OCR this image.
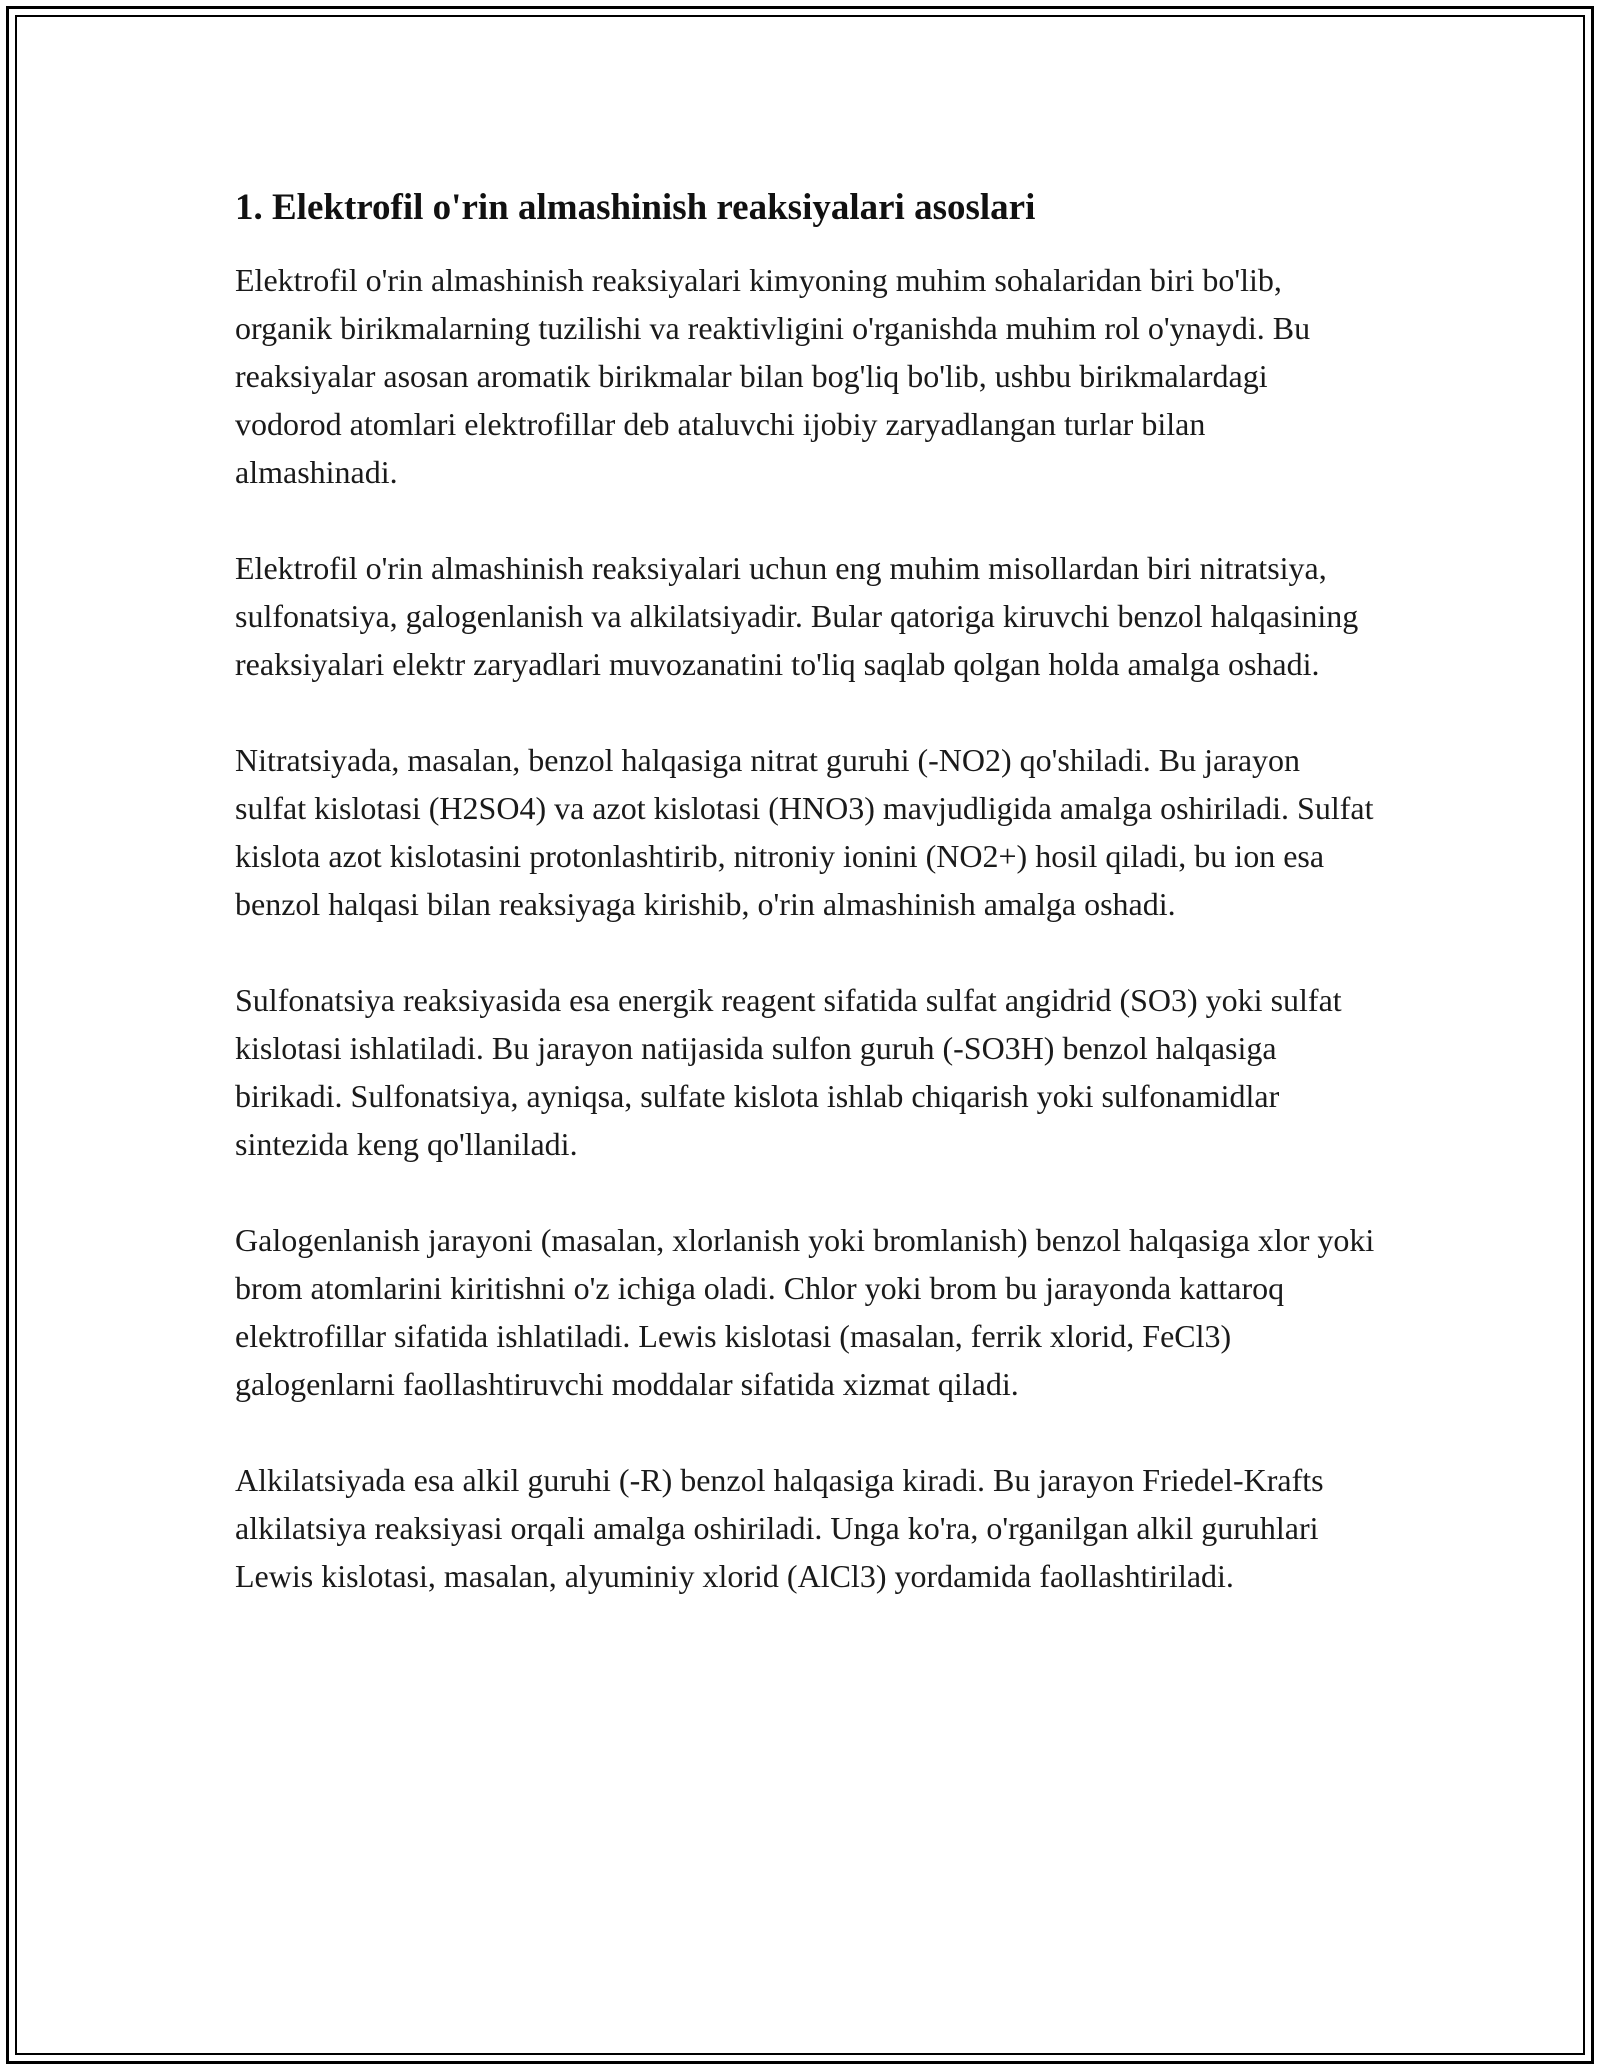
1. Elektrofil o'rin almashinish reaksiyalari asoslari

Elektrofil o'rin almashinish reaksiyalari kimyoning muhim sohalaridan biri bo'lib, organik birikmalarning tuzilishi va reaktivligini o'rganishda muhim rol o'ynaydi. Bu reaksiyalar asosan aromatik birikmalar bilan bog'liq bo'lib, ushbu birikmalardagi vodorod atomlari elektrofillar deb ataluvchi ijobiy zaryadlangan turlar bilan almashinadi.

Elektrofil o'rin almashinish reaksiyalari uchun eng muhim misollardan biri nitratsiya, sulfonatsiya, galogenlanish va alkilatsiyadir. Bular qatoriga kiruvchi benzol halqasining reaksiyalari elektr zaryadlari muvozanatini to'liq saqlab qolgan holda amalga oshadi.

Nitratsiyada, masalan, benzol halqasiga nitrat guruhi (-NO2) qo'shiladi. Bu jarayon sulfat kislotasi (H2SO4) va azot kislotasi (HNO3) mavjudligida amalga oshiriladi. Sulfat kislota azot kislotasini protonlashtirib, nitroniy ionini (NO2+) hosil qiladi, bu ion esa benzol halqasi bilan reaksiyaga kirishib, o'rin almashinish amalga oshadi.

Sulfonatsiya reaksiyasida esa energik reagent sifatida sulfat angidrid (SO3) yoki sulfat kislotasi ishlatiladi. Bu jarayon natijasida sulfon guruh (-SO3H) benzol halqasiga birikadi. Sulfonatsiya, ayniqsa, sulfate kislota ishlab chiqarish yoki sulfonamidlar sintezida keng qo'llaniladi.

Galogenlanish jarayoni (masalan, xlorlanish yoki bromlanish) benzol halqasiga xlor yoki brom atomlarini kiritishni o'z ichiga oladi. Chlor yoki brom bu jarayonda kattaroq elektrofillar sifatida ishlatiladi. Lewis kislotasi (masalan, ferrik xlorid, FeCl3) galogenlarni faollashtiruvchi moddalar sifatida xizmat qiladi.

Alkilatsiyada esa alkil guruhi (-R) benzol halqasiga kiradi. Bu jarayon Friedel-Krafts alkilatsiya reaksiyasi orqali amalga oshiriladi. Unga ko'ra, o'rganilgan alkil guruhlari Lewis kislotasi, masalan, alyuminiy xlorid (AlCl3) yordamida faollashtiriladi.
